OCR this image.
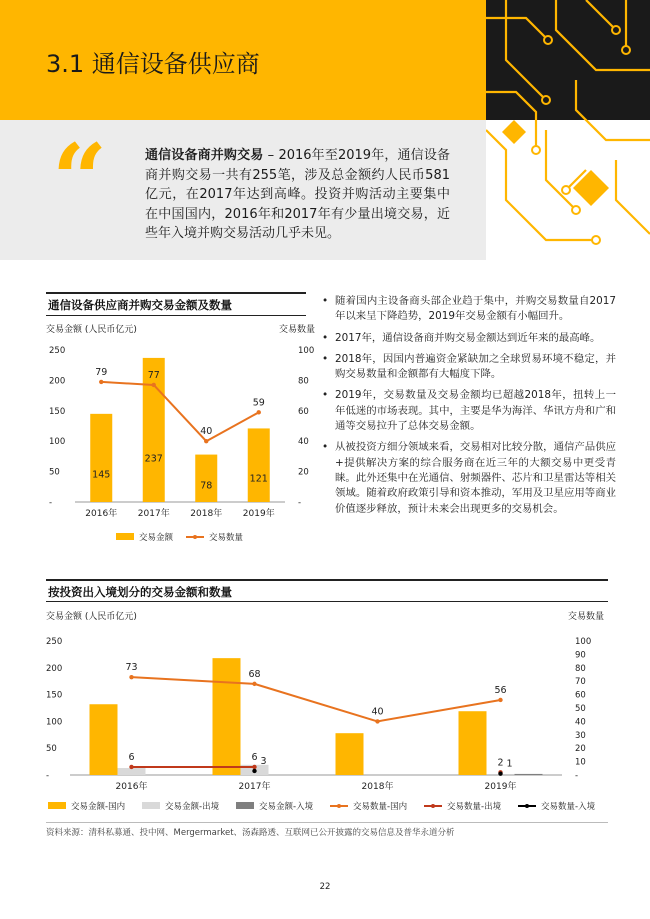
3.1 通信设备供应商
“	通信设备商并购交易 – 2016年至2019年，通信设备商并购交易一共有255笔，涉及总金额约人民币581亿元，在2017年达到高峰。投资并购活动主要集中在中国国内，2016年和2017年有少量出境交易，近些年入境并购交易活动几乎未见。
通信设备供应商并购交易金额及数量
交易金额 (人民币亿元)	交易数量
-
50
100
150
200
250
-
20
40
60
80
100
145
237
78
121
79	77
40
59
2016年 2017年 2018年 2019年
交易金额	交易数量
• 随着国内主设备商头部企业趋于集中，并购交易数量自2017年以来呈下降趋势，2019年交易金额有小幅回升。
• 2017年，通信设备商并购交易金额达到近年来的最高峰。
• 2018年，因国内普遍资金紧缺加之全球贸易环境不稳定，并购交易数量和金额都有大幅度下降。
• 2019年，交易数量及交易金额均已超越2018年，扭转上一年低迷的市场表现。其中，主要是华为海洋、华讯方舟和广和通等交易拉升了总体交易金额。
• 从被投资方细分领域来看，交易相对比较分散，通信产品供应+提供解决方案的综合服务商在近三年的大额交易中更受青睐。此外还集中在光通信、射频器件、芯片和卫星雷达等相关领域。随着政府政策引导和资本推动，军用及卫星应用等商业价值逐步释放，预计未来会出现更多的交易机会。
按投资出入境划分的交易金额和数量
交易金额 (人民币亿元)	交易数量
-
50
100
150
200
250
-
10
20
30
40
50
60
70
80
90
100
73
68
40
56
6	6	2
3	1
2016年	2017年	2018年	2019年
交易金额-国内	交易金额-出境	交易金额-入境	交易数量-国内	交易数量-出境	交易数量-入境
资料来源：清科私募通、投中网、Mergermarket、汤森路透、互联网已公开披露的交易信息及普华永道分析
22
